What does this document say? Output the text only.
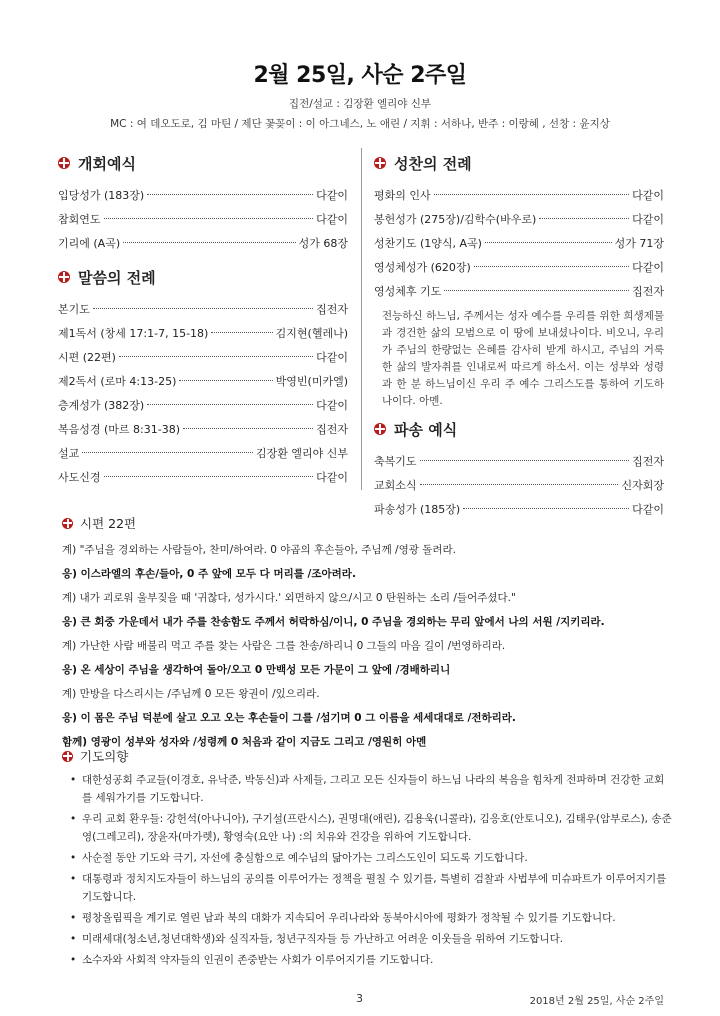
2월 25일, 사순 2주일
집전/설교 : 김장환 엘리야 신부
MC : 여 데오도로, 김 마틴 / 제단 꽃꽂이 : 이 아그네스, 노 애린 / 지휘 : 서하나, 반주 : 이랑혜 , 선창 : 윤지상
개회예식
입당성가 (183장)	다같이
참회연도	다같이
기리에 (A곡)	성가 68장
말씀의 전례
본기도	집전자
제1독서 (창세 17:1-7, 15-18)	김지현(헬레나)
시편 (22편)	다같이
제2독서 (로마 4:13-25)	박영빈(미카엘)
층계성가 (382장)	다같이
복음성경 (마르 8:31-38)	집전자
설교	김장환 엘리야 신부
사도신경	다같이
성찬의 전례
평화의 인사	다같이
봉헌성가 (275장)/김학수(바우로)	다같이
성찬기도 (1양식, A곡)	성가 71장
영성체성가 (620장)	다같이
영성체후 기도	집전자
전능하신 하느님, 주께서는 성자 예수를 우리를 위한 희생제물과 경건한 삶의 모범으로 이 땅에 보내셨나이다. 비오니, 우리가 주님의 한량없는 은혜를 감사히 받게 하시고, 주님의 거룩한 삶의 발자취를 인내로써 따르게 하소서. 이는 성부와 성령과 한 분 하느님이신 우리 주 예수 그리스도를 통하여 기도하나이다. 아멘.
파송 예식
축복기도	집전자
교회소식	신자회장
파송성가 (185장)	다같이
시편 22편
계) "주님을 경외하는 사람들아, 찬미/하여라. 0 야곱의 후손들아, 주님께 /영광 돌려라.
응) 이스라엘의 후손/들아, 0 주 앞에 모두 다 머리를 /조아려라.
계) 내가 괴로워 울부짖을 때 '귀찮다, 성가시다.' 외면하지 않으/시고 0 탄원하는 소리 /들어주셨다."
응) 큰 회중 가운데서 내가 주를 찬송함도 주께서 허락하심/이니, 0 주님을 경외하는 무리 앞에서 나의 서원 /지키리라.
계) 가난한 사람 배불리 먹고 주를 찾는 사람은 그를 찬송/하리니 0 그들의 마음 길이 /번영하리라.
응) 온 세상이 주님을 생각하여 돌아/오고 0 만백성 모든 가문이 그 앞에 /경배하리니
계) 만방을 다스리시는 /주님께 0 모든 왕권이 /있으리라.
응) 이 몸은 주님 덕분에 살고 오고 오는 후손들이 그를 /섬기며 0 그 이름을 세세대대로 /전하리라.
함께) 영광이 성부와 성자와 /성령께 0 처음과 같이 지금도 그리고 /영원히 아멘
기도의향
• 대한성공회 주교들(이경호, 유낙준, 박동신)과 사제들, 그리고 모든 신자들이 하느님 나라의 복음을 힘차게 전파하며 건강한 교회를 세워가기를 기도합니다.
• 우리 교회 환우들: 강헌석(아나니아), 구기설(프란시스), 권명대(애린), 김용욱(니콜라), 김응호(안토니오), 김태우(암부로스), 송준영(그레고리), 장윤자(마가렛), 황영숙(요안 나) :의 치유와 건강을 위하여 기도합니다.
• 사순절 동안 기도와 극기, 자선에 충실함으로 예수님의 닮아가는 그리스도인이 되도록 기도합니다.
• 대통령과 정치지도자들이 하느님의 공의를 이루어가는 정책을 펼칠 수 있기를, 특별히 검찰과 사법부에 미슈파트가 이루어지기를 기도합니다.
• 평창올림픽을 계기로 열린 남과 북의 대화가 지속되어 우리나라와 동북아시아에 평화가 정착될 수 있기를 기도합니다.
• 미래세대(청소년,청년대학생)와 실직자들, 청년구직자들 등 가난하고 어려운 이웃들을 위하여 기도합니다.
• 소수자와 사회적 약자들의 인권이 존중받는 사회가 이루어지기를 기도합니다.
3	2018년 2월 25일, 사순 2주일
